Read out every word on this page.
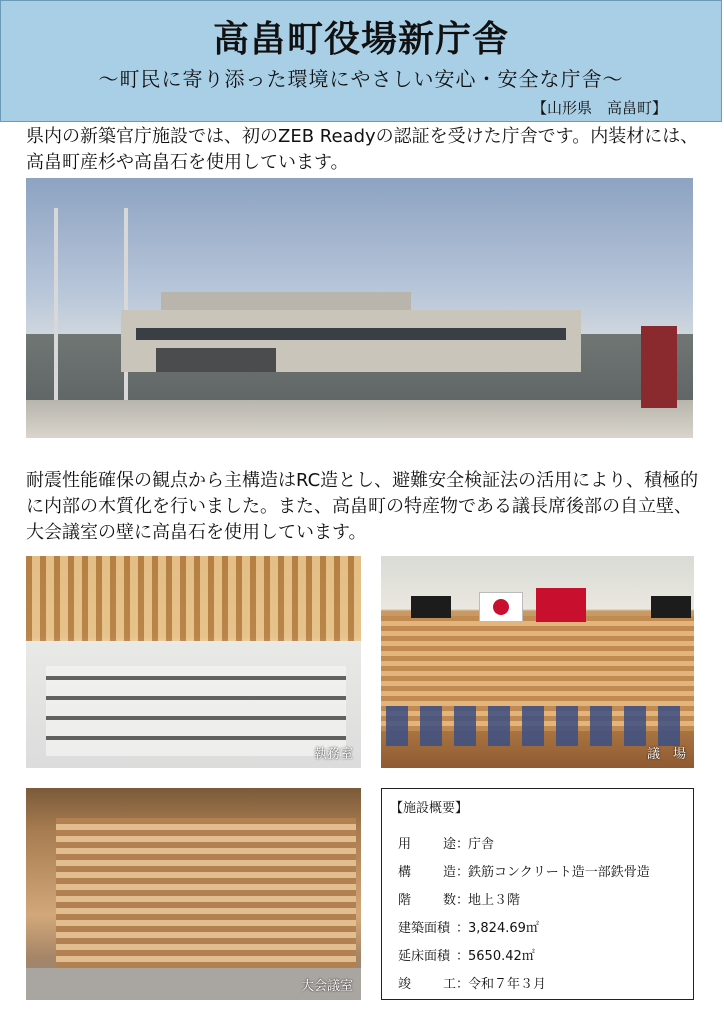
高畠町役場新庁舎
～町民に寄り添った環境にやさしい安心・安全な庁舎～
【山形県　高畠町】
県内の新築官庁施設では、初のZEB Readyの認証を受けた庁舎です。内装材には、高畠町産杉や高畠石を使用しています。
耐震性能確保の観点から主構造はRC造とし、避難安全検証法の活用により、積極的に内部の木質化を行いました。また、高畠町の特産物である議長席後部の自立壁、大会議室の壁に高畠石を使用しています。
執務室	議　場
大会議室
【施設概要】
用 途 ：
庁舎
構 造 ：
鉄筋コンクリート造一部鉄骨造
階 数 ：
地上３階
建築面積 ：
3,824.69㎡
延床面積 ：
5650.42㎡
竣 工 ：
令和７年３月
